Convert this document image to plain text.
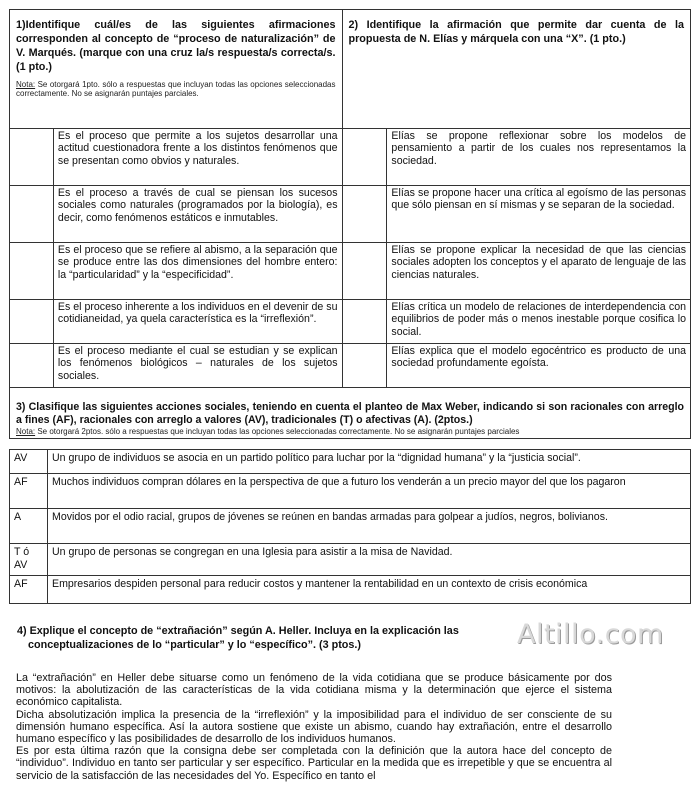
1)Identifique cuál/es de las siguientes afirmaciones corresponden al concepto de “proceso de naturalización” de V. Marqués. (marque con una cruz la/s respuesta/s correcta/s. (1 pto.)
Nota: Se otorgará 1pto. sólo a respuestas que incluyan todas las opciones seleccionadas correctamente. No se asignarán puntajes parciales.		2) Identifique la afirmación que permite dar cuenta de la propuesta de N. Elías y márquela con una “X”. (1 pto.)	

	Es el proceso que permite a los sujetos desarrollar una actitud cuestionadora frente a los distintos fenómenos que se presentan como obvios y naturales.		Elías se propone reflexionar sobre los modelos de pensamiento a partir de los cuales nos representamos la sociedad.
	Es el proceso a través de cual se piensan los sucesos sociales como naturales (programados por la biología), es decir, como fenómenos estáticos e inmutables.		Elías se propone hacer una crítica al egoísmo de las personas que sólo piensan en sí mismas y se separan de la sociedad.
	Es el proceso que se refiere al abismo, a la separación que se produce entre las dos dimensiones del hombre entero: la “particularidad” y la “especificidad”.		Elías se propone explicar la necesidad de que las ciencias sociales adopten los conceptos y el aparato de lenguaje de las ciencias naturales.
	Es el proceso inherente a los individuos en el devenir de su cotidianeidad, ya quela característica es la “irreflexión”.		Elías crítica un modelo de relaciones de interdependencia con equilibrios de poder más o menos inestable porque cosifica lo social.
	Es el proceso mediante el cual se estudian y se explican los fenómenos biológicos – naturales de los sujetos sociales.		Elías explica que el modelo egocéntrico es producto de una sociedad profundamente egoísta.
3) Clasifique las siguientes acciones sociales, teniendo en cuenta el planteo de Max Weber, indicando si son racionales con arreglo a fines (AF), racionales con arreglo a valores (AV), tradicionales (T) o afectivas (A). (2ptos.)
Nota: Se otorgará 2ptos. sólo a respuestas que incluyan todas las opciones seleccionadas correctamente. No se asignarán puntajes parciales
AV	Un grupo de individuos se asocia en un partido político para luchar por la “dignidad humana” y la “justicia social”.
AF	Muchos individuos compran dólares en la perspectiva de que a futuro los venderán a un precio mayor del que los pagaron
A	Movidos por el odio racial, grupos de jóvenes se reúnen en bandas armadas para golpear a judíos, negros, bolivianos.
T ó AV	Un grupo de personas se congregan en una Iglesia para asistir a la misa de Navidad.
AF	Empresarios despiden personal para reducir costos y mantener la rentabilidad en un contexto de crisis económica
4) Explique el concepto de “extrañación” según A. Heller. Incluya en la explicación las
conceptualizaciones de lo “particular” y lo “específico”. (3 ptos.)

La “extrañación” en Heller debe situarse como un fenómeno de la vida cotidiana que se produce básicamente por dos motivos: la abolutización de las características de la vida cotidiana misma y la determinación que ejerce el sistema económico capitalista.

Dicha absolutización implica la presencia de la “irreflexión” y la imposibilidad para el individuo de ser consciente de su dimensión humano específica. Así la autora sostiene que existe un abismo, cuando hay extrañación, entre el desarrollo humano específico y las posibilidades de desarrollo de los individuos humanos.

Es por esta última razón que la consigna debe ser completada con la definición que la autora hace del concepto de “individuo”. Individuo en tanto ser particular y ser específico. Particular en la medida que es irrepetible y que se encuentra al servicio de la satisfacción de las necesidades del Yo. Específico en tanto el

Altillo.com
